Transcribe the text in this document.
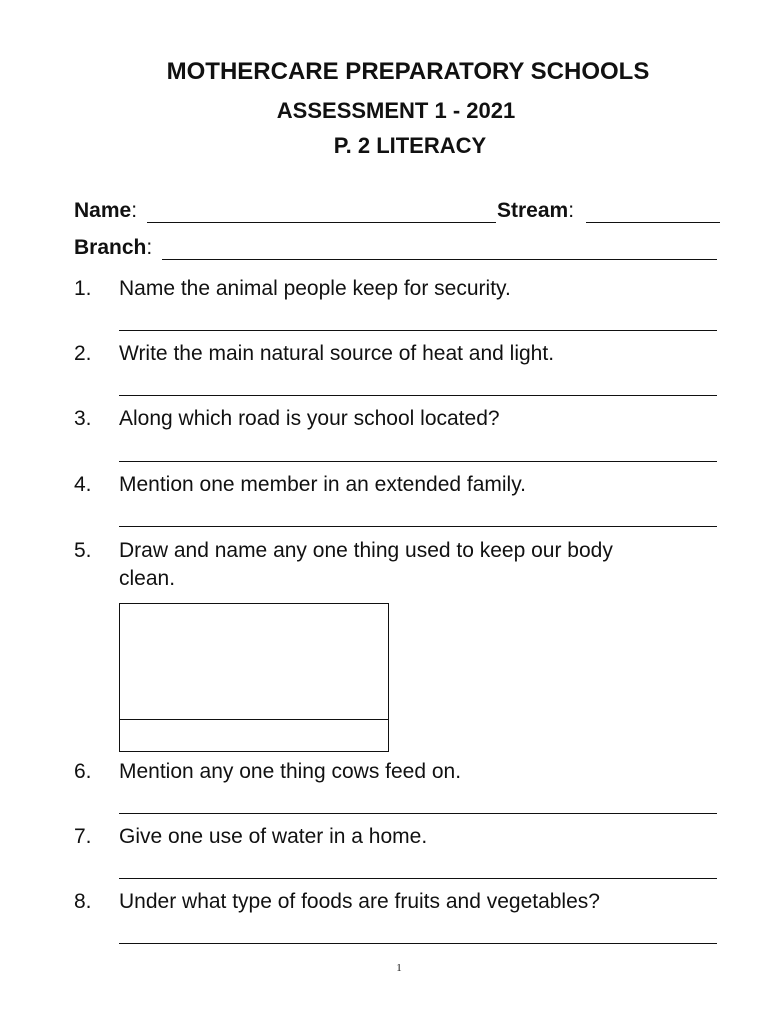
MOTHERCARE PREPARATORY SCHOOLS
ASSESSMENT 1 - 2021
P. 2 LITERACY
Name:	Stream:
Branch:
1. Name the animal people keep for security.
2. Write the main natural source of heat and light.
3. Along which road is your school located?
4. Mention one member in an extended family.
5. Draw and name any one thing used to keep our body
clean.
6. Mention any one thing cows feed on.
7. Give one use of water in a home.
8. Under what type of foods are fruits and vegetables?
1
